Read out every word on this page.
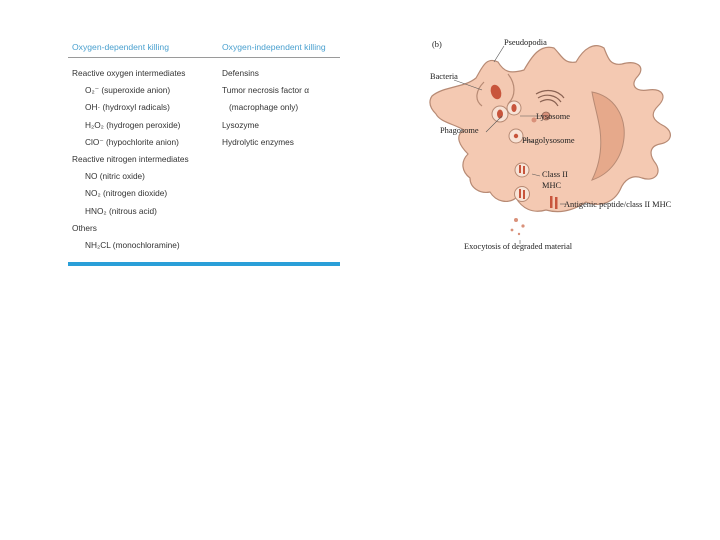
Oxygen-dependent killing	Oxygen-independent killing
Reactive oxygen intermediates
O₂⁻ (superoxide anion)
OH· (hydroxyl radicals)
H₂O₂ (hydrogen peroxide)
ClO⁻ (hypochlorite anion)
Reactive nitrogen intermediates
NO (nitric oxide)
NO₂ (nitrogen dioxide)
HNO₂ (nitrous acid)
Others
NH₂CL (monochloramine)
Defensins
Tumor necrosis factor α
(macrophage only)
Lysozyme
Hydrolytic enzymes
(b)	Pseudopodia
Bacteria
Lysosome
Phagosome
Phagolysosome
Class II
MHC
Antigenic peptide/class II MHC
Exocytosis of degraded material
